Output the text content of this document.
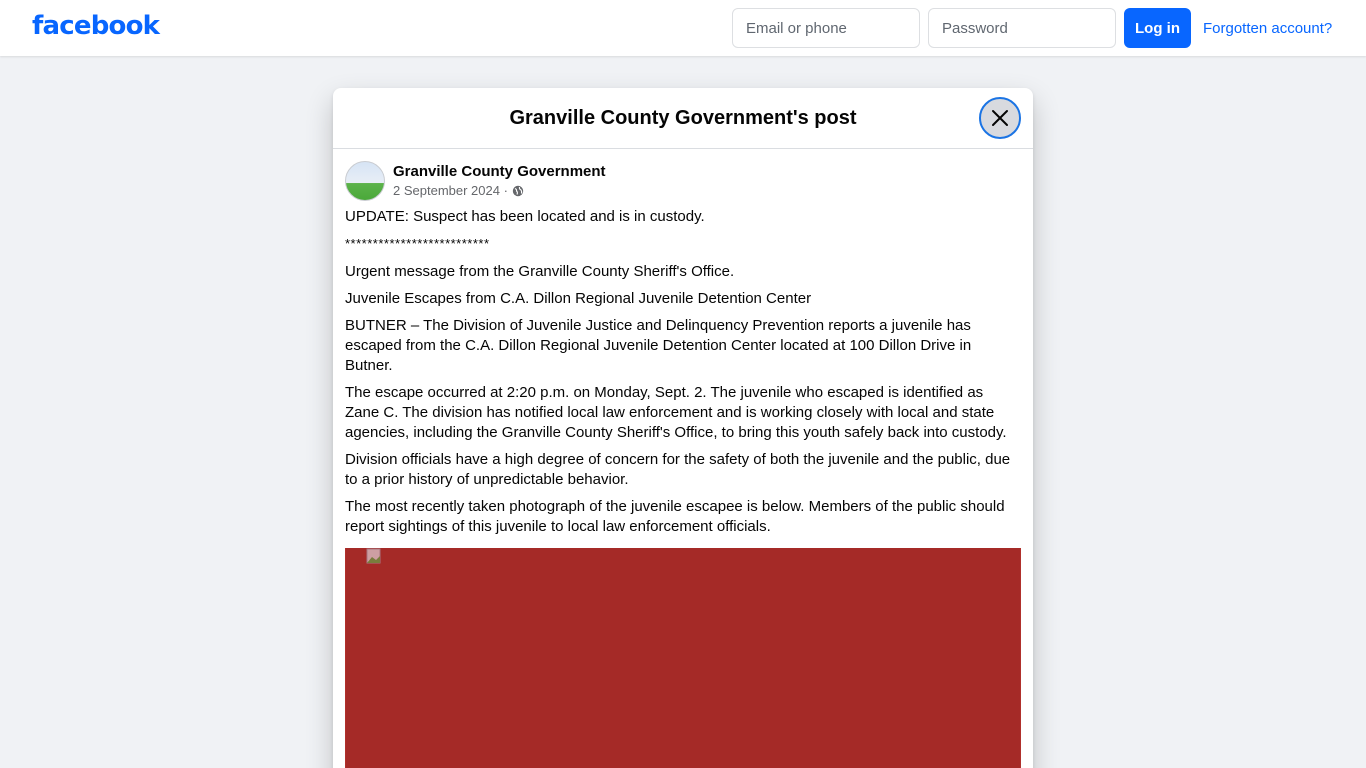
facebook	Email or phone	Password	Log in	Forgotten account?
Granville County Government's post
Granville County Government
2 September 2024 ·

UPDATE: Suspect has been located and is in custody.

**************************

Urgent message from the Granville County Sheriff's Office.

Juvenile Escapes from C.A. Dillon Regional Juvenile Detention Center

BUTNER – The Division of Juvenile Justice and Delinquency Prevention reports a juvenile has escaped from the C.A. Dillon Regional Juvenile Detention Center located at 100 Dillon Drive in Butner.

The escape occurred at 2:20 p.m. on Monday, Sept. 2. The juvenile who escaped is identified as Zane C. The division has notified local law enforcement and is working closely with local and state agencies, including the Granville County Sheriff's Office, to bring this youth safely back into custody.

Division officials have a high degree of concern for the safety of both the juvenile and the public, due to a prior history of unpredictable behavior.

The most recently taken photograph of the juvenile escapee is below. Members of the public should report sightings of this juvenile to local law enforcement officials.
